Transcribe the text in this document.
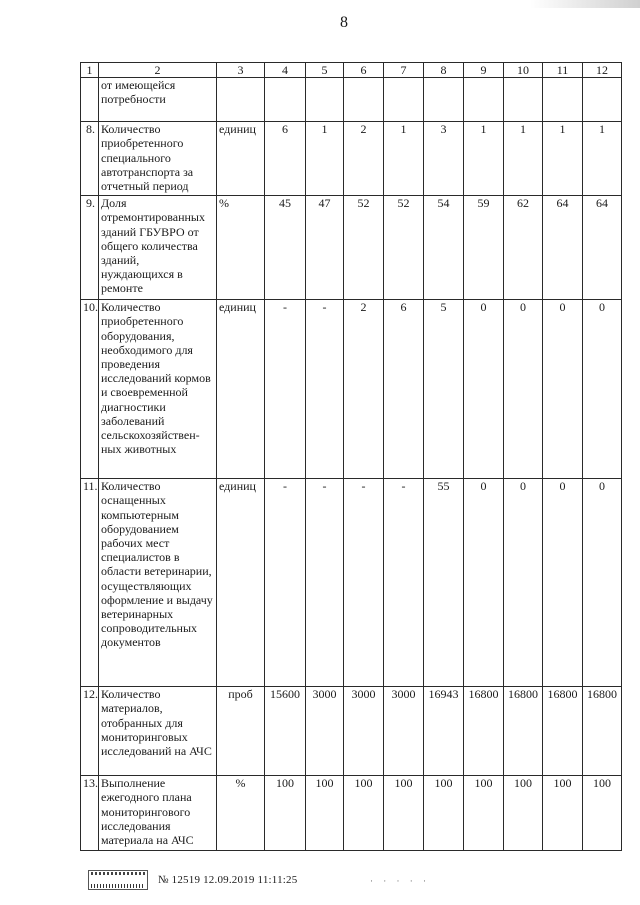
8
1	2	3	4	5	6	7	8	9	10	11	12
	от имеющейся потребности										
8.	Количество приобретенного специального автотранспорта за отчетный период	единиц	6	1	2	1	3	1	1	1	1
9.	Доля отремонтированных зданий ГБУВРО от общего количества зданий, нуждающихся в ремонте	%	45	47	52	52	54	59	62	64	64
10.	Количество приобретенного оборудования, необходимого для проведения исследований кормов и своевременной диагностики заболеваний сельскохозяйствен-ных животных	единиц	-	-	2	6	5	0	0	0	0
11.	Количество оснащенных компьютерным оборудованием рабочих мест специалистов в области ветеринарии, осуществляющих оформление и выдачу ветеринарных сопроводительных документов	единиц	-	-	-	-	55	0	0	0	0
12.	Количество материалов, отобранных для мониторинговых исследований на АЧС	проб	15600	3000	3000	3000	16943	16800	16800	16800	16800
13.	Выполнение ежегодного плана мониторингового исследования материала на АЧС	%	100	100	100	100	100	100	100	100	100
№ 12519 12.09.2019 11:11:25	· · · · ·
